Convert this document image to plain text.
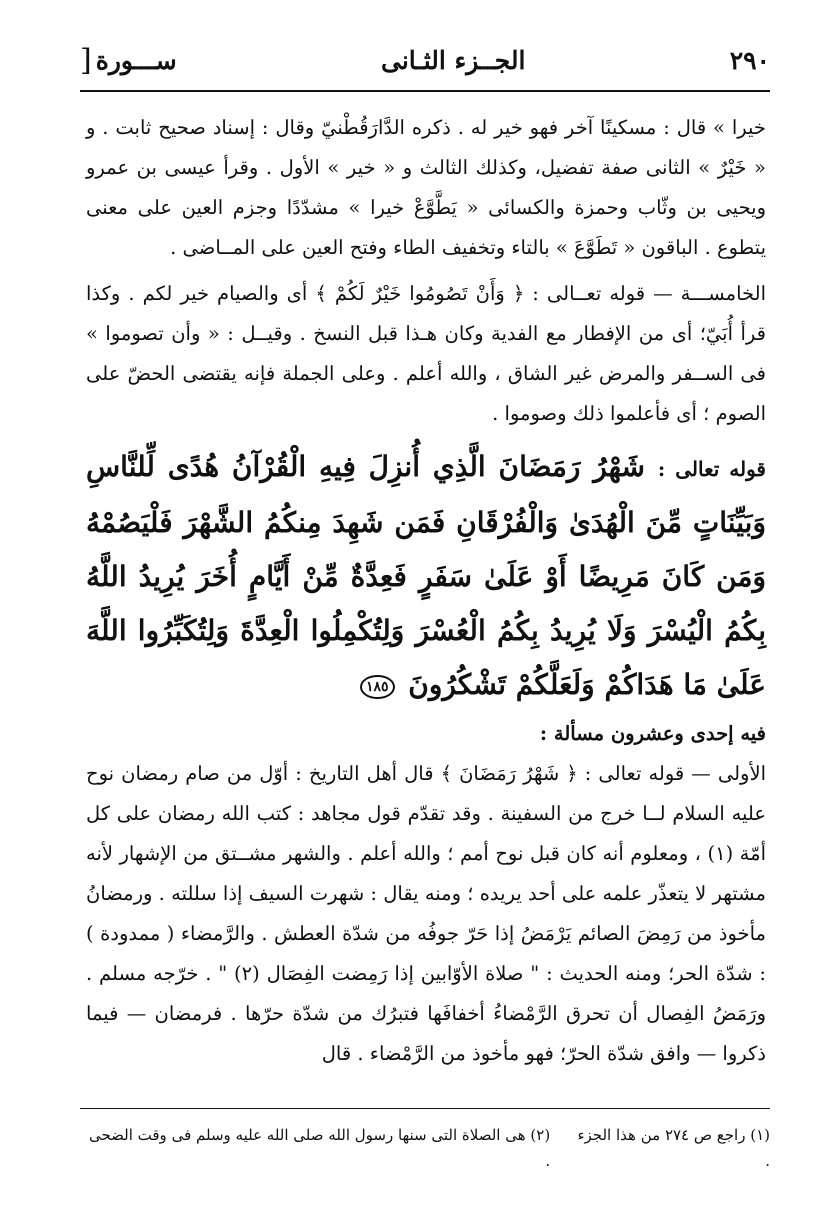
٢٩٠
الجــزء الثـانى
ســـورة
[

خيرا » قال : مسكينًا آخر فهو خير له . ذكره الدَّارَقُطْنيّ وقال : إسناد صحيح ثابت . و « خَيْرٌ » الثانى صفة تفضيل، وكذلك الثالث و « خير » الأول . وقرأ عيسى بن عمرو ويحيى بن وثّاب وحمزة والكسائى « يَطَّوَّعْ خيرا » مشدّدًا وجزم العين على معنى يتطوع . الباقون « تَطَوَّعَ » بالتاء وتخفيف الطاء وفتح العين على المــاضى .

الخامســـة — قوله تعــالى : ﴿ وَأَنْ تَصُومُوا خَيْرٌ لَكُمْ ﴾ أى والصيام خير لكم . وكذا قرأ أُبَيّ؛ أى من الإفطار مع الفدية وكان هـذا قبل النسخ . وقيــل : « وأن تصوموا » فى الســفر والمرض غير الشاق ، والله أعلم . وعلى الجملة فإنه يقتضى الحضّ على الصوم ؛ أى فأعلموا ذلك وصوموا .

قوله تعالى : شَهْرُ رَمَضَانَ الَّذِي أُنزِلَ فِيهِ الْقُرْآنُ هُدًى لِّلنَّاسِ وَبَيِّنَاتٍ مِّنَ الْهُدَىٰ وَالْفُرْقَانِ فَمَن شَهِدَ مِنكُمُ الشَّهْرَ فَلْيَصُمْهُ وَمَن كَانَ مَرِيضًا أَوْ عَلَىٰ سَفَرٍ فَعِدَّةٌ مِّنْ أَيَّامٍ أُخَرَ يُرِيدُ اللَّهُ بِكُمُ الْيُسْرَ وَلَا يُرِيدُ بِكُمُ الْعُسْرَ وَلِتُكْمِلُوا الْعِدَّةَ وَلِتُكَبِّرُوا اللَّهَ عَلَىٰ مَا هَدَاكُمْ وَلَعَلَّكُمْ تَشْكُرُونَ ١٨٥

فيه إحدى وعشرون مسألة :

الأولى — قوله تعالى : ﴿ شَهْرُ رَمَضَانَ ﴾ قال أهل التاريخ : أوّل من صام رمضان نوح عليه السلام لــا خرج من السفينة . وقد تقدّم قول مجاهد : كتب الله رمضان على كل أمّة (١) ، ومعلوم أنه كان قبل نوح أمم ؛ والله أعلم . والشهر مشــتق من الإشهار لأنه مشتهر لا يتعذّر علمه على أحد يريده ؛ ومنه يقال : شهرت السيف إذا سللته . ورمضانُ مأخوذ من رَمِضَ الصائم يَرْمَضُ إذا حَرّ جوفُه من شدّة العطش . والرَّمضاء ( ممدودة ) : شدّة الحر؛ ومنه الحديث : " صلاة الأوّابين إذا رَمِضت الفِصَال (٢) " . خرّجه مسلم . ورَمَضُ الفِصال أن تحرق الرَّمْضاءُ أخفافَها فتبرُك من شدّة حرّها . فرمضان — فيما ذكروا — وافق شدّة الحرّ؛ فهو مأخوذ من الرَّمْضاء . قال

(١) راجع ص ٢٧٤ من هذا الجزء .
(٢) هى الصلاة التى سنها رسول الله صلى الله عليه وسلم فى وقت الضحى .
